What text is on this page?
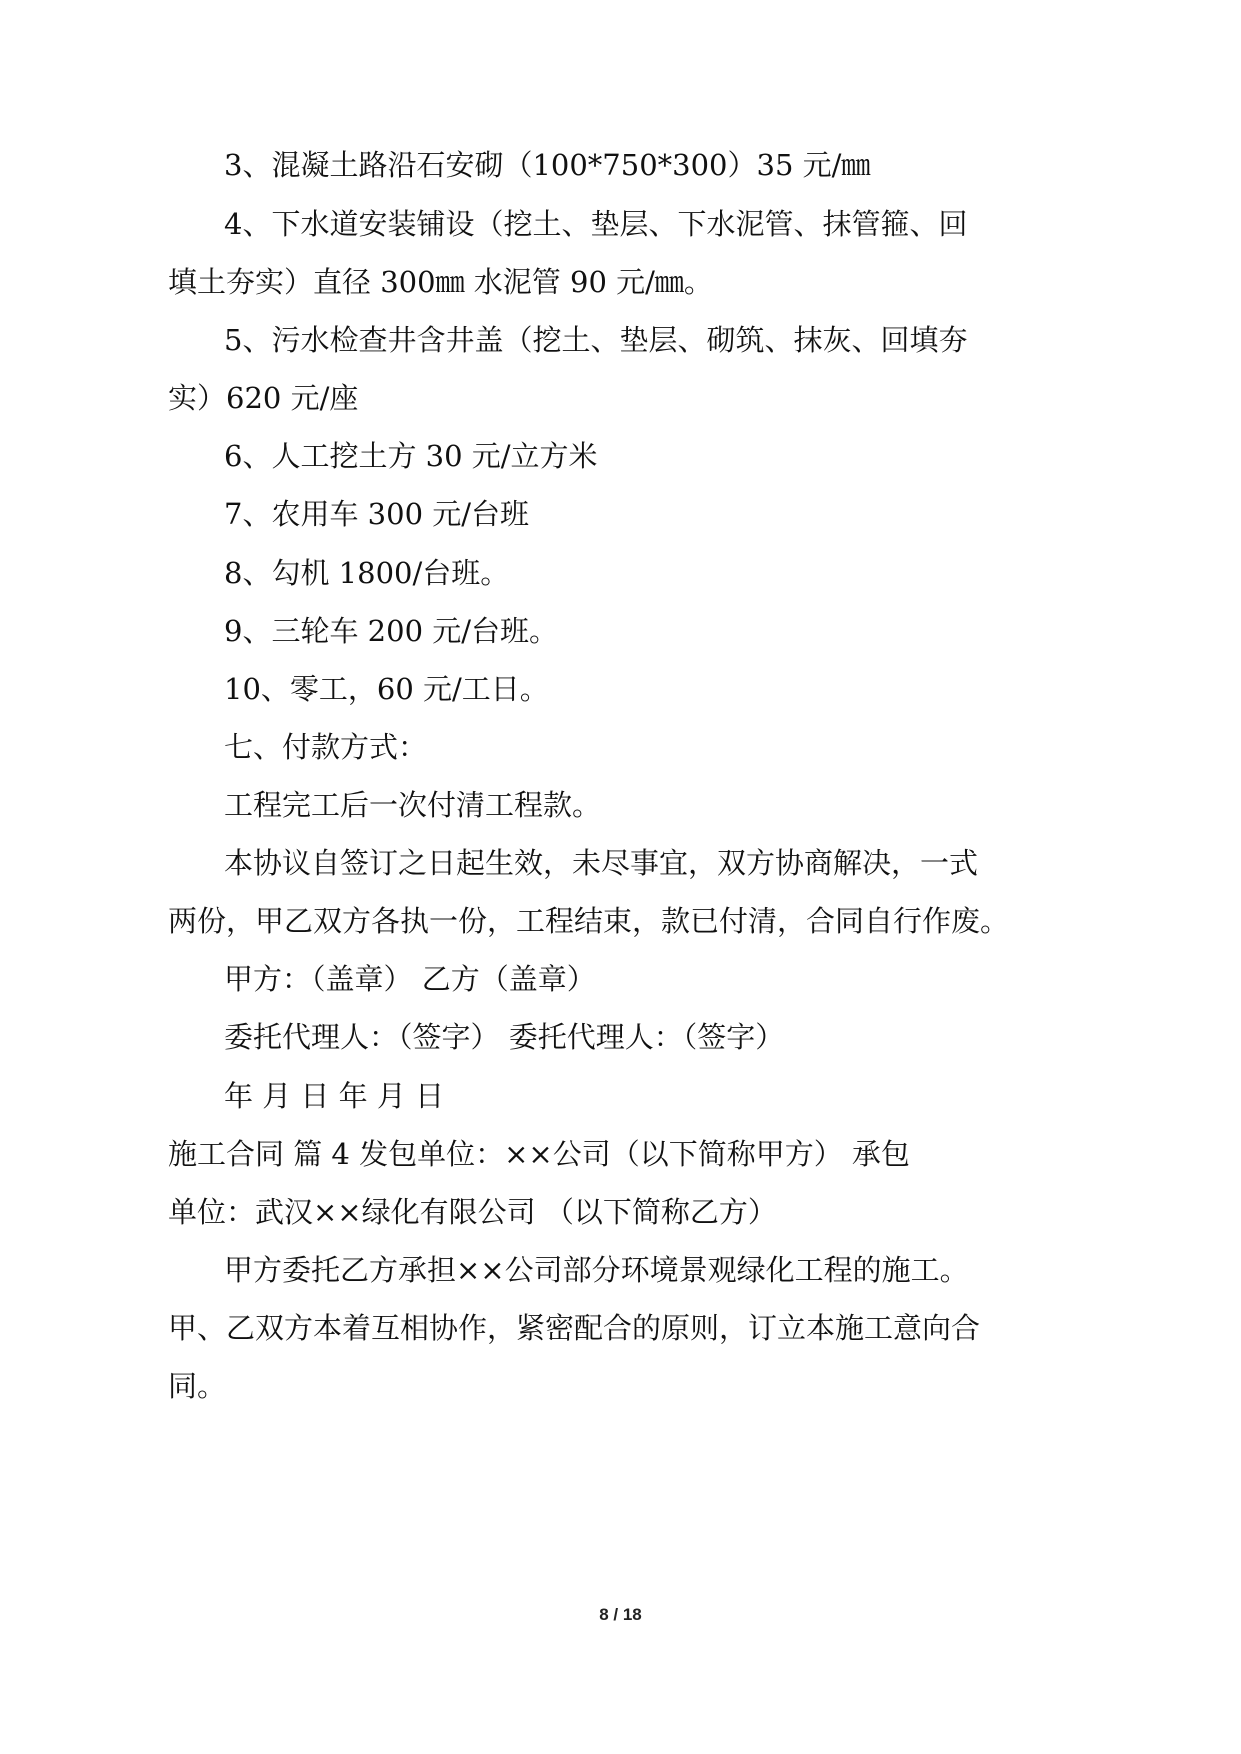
3、混凝土路沿石安砌（100*750*300）35 元/㎜
4、下水道安装铺设（挖土、垫层、下水泥管、抹管箍、回
填土夯实）直径 300㎜ 水泥管 90 元/㎜。
5、污水检查井含井盖（挖土、垫层、砌筑、抹灰、回填夯
实）620 元/座
6、人工挖土方 30 元/立方米
7、农用车 300 元/台班
8、勾机 1800/台班。
9、三轮车 200 元/台班。
10、零工，60 元/工日。
七、付款方式：
工程完工后一次付清工程款。
本协议自签订之日起生效，未尽事宜，双方协商解决，一式
两份，甲乙双方各执一份，工程结束，款已付清，合同自行作废。
甲方：（盖章） 乙方（盖章）
委托代理人：（签字） 委托代理人：（签字）
年 月 日 年 月 日
施工合同 篇 4 发包单位：××公司（以下简称甲方） 承包
单位：武汉××绿化有限公司 （以下简称乙方）
甲方委托乙方承担××公司部分环境景观绿化工程的施工。
甲、乙双方本着互相协作，紧密配合的原则，订立本施工意向合
同。
8 / 18
